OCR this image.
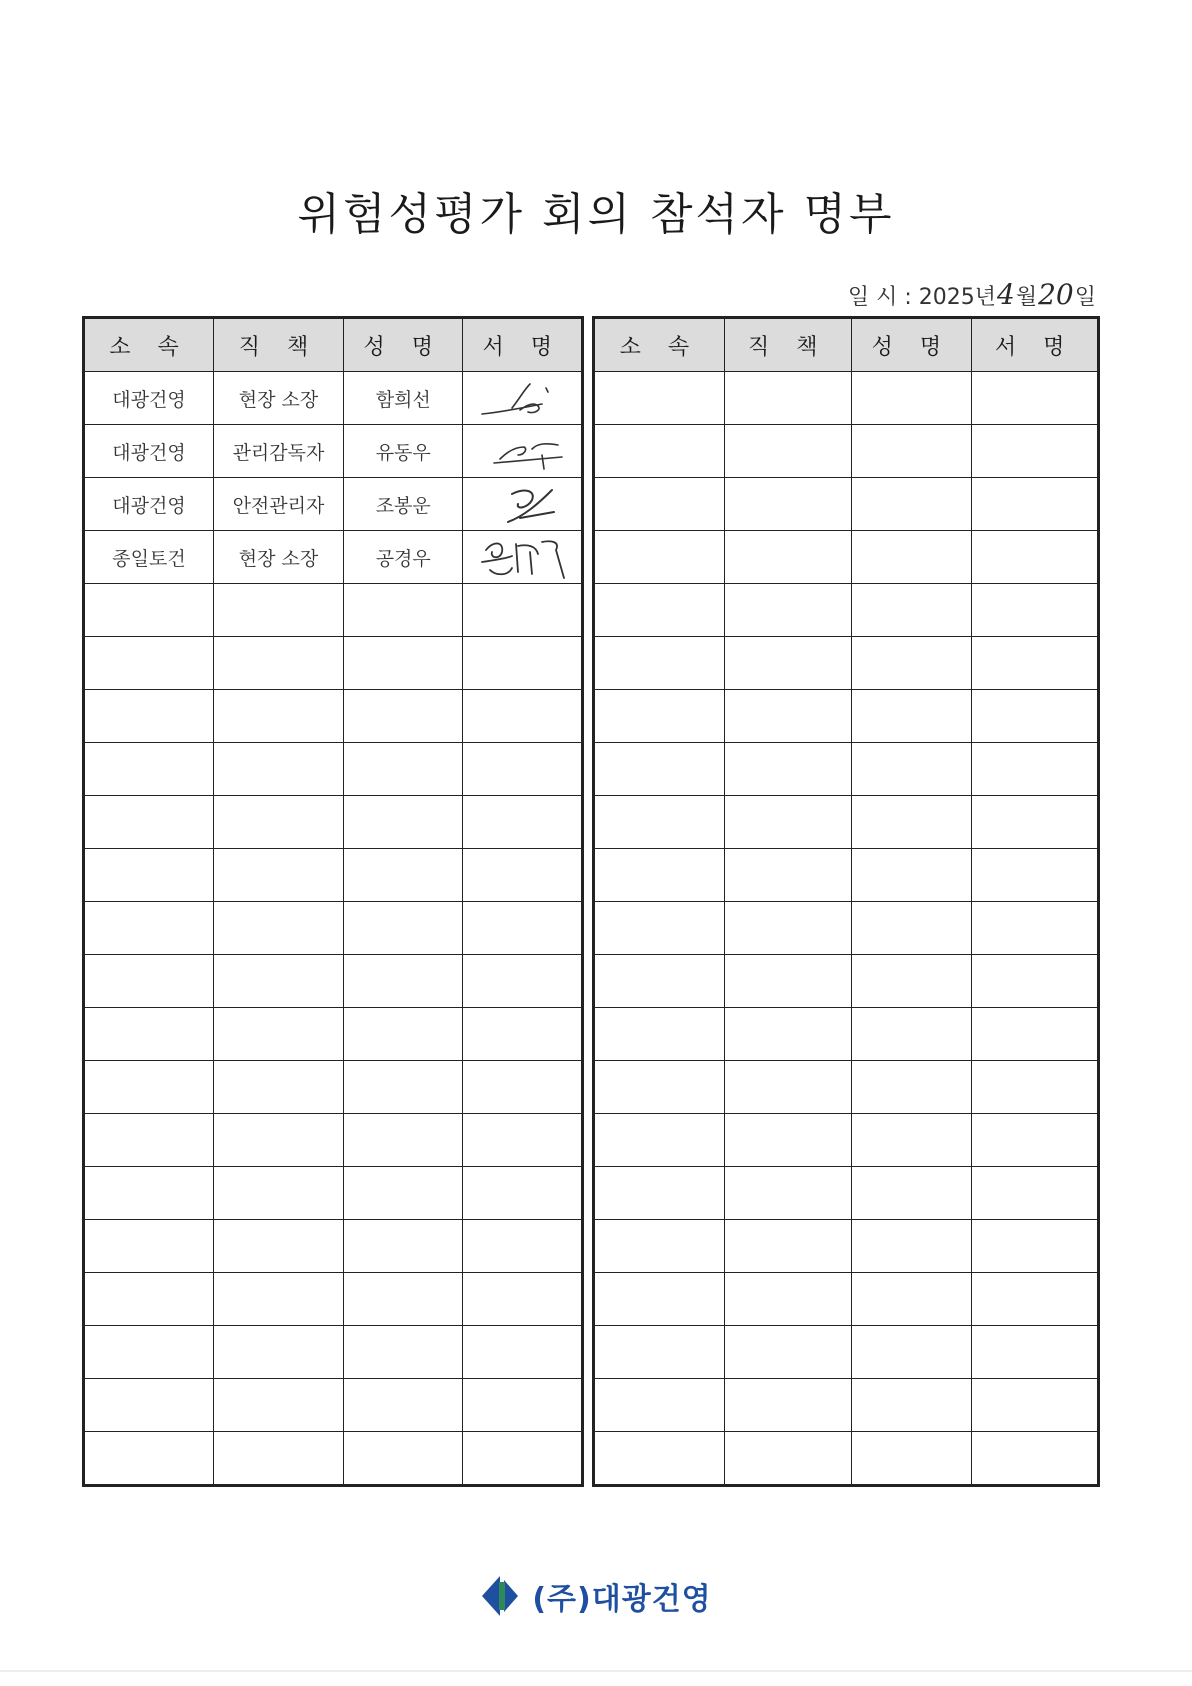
위험성평가 회의 참석자 명부
일 시 : 2025년 4 월 20 일
소 속	직 책	성 명	서 명
대광건영	현장 소장	함희선	

대광건영	관리감독자	유동우	

대광건영	안전관리자	조봉운	

종일토건	현장 소장	공경우	

소 속	직 책	성 명	서 명

(주)대광건영
